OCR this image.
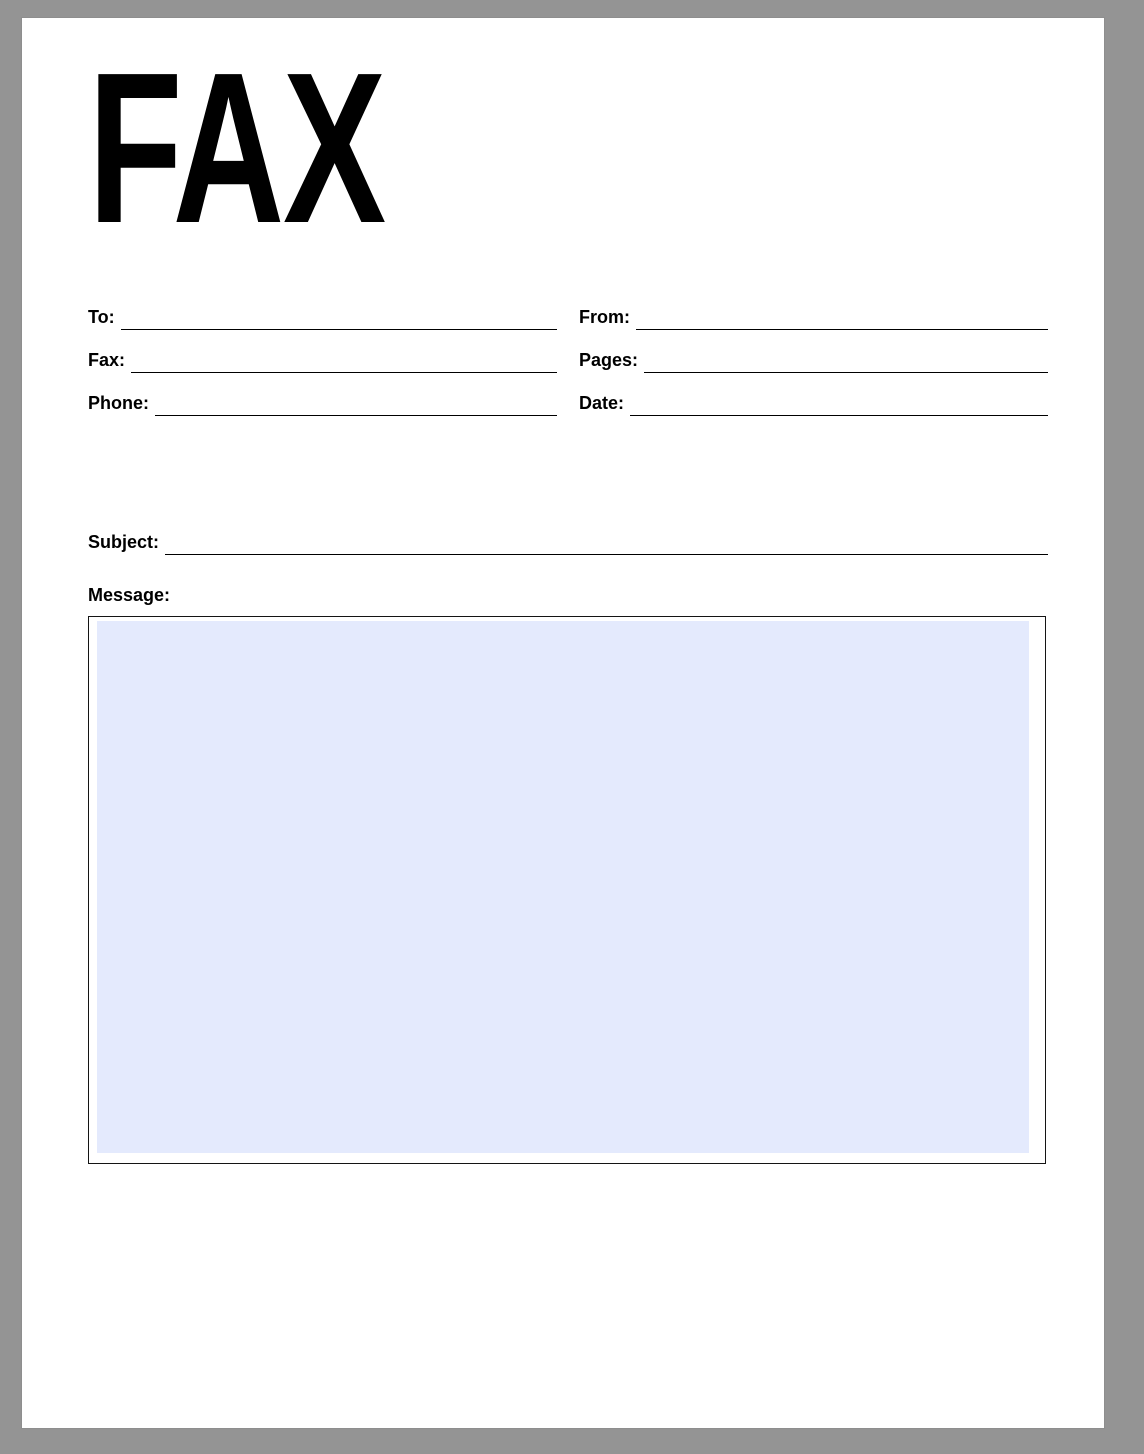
FAX
To:	From:
Fax:	Pages:
Phone:	Date:
Subject:
Message:
